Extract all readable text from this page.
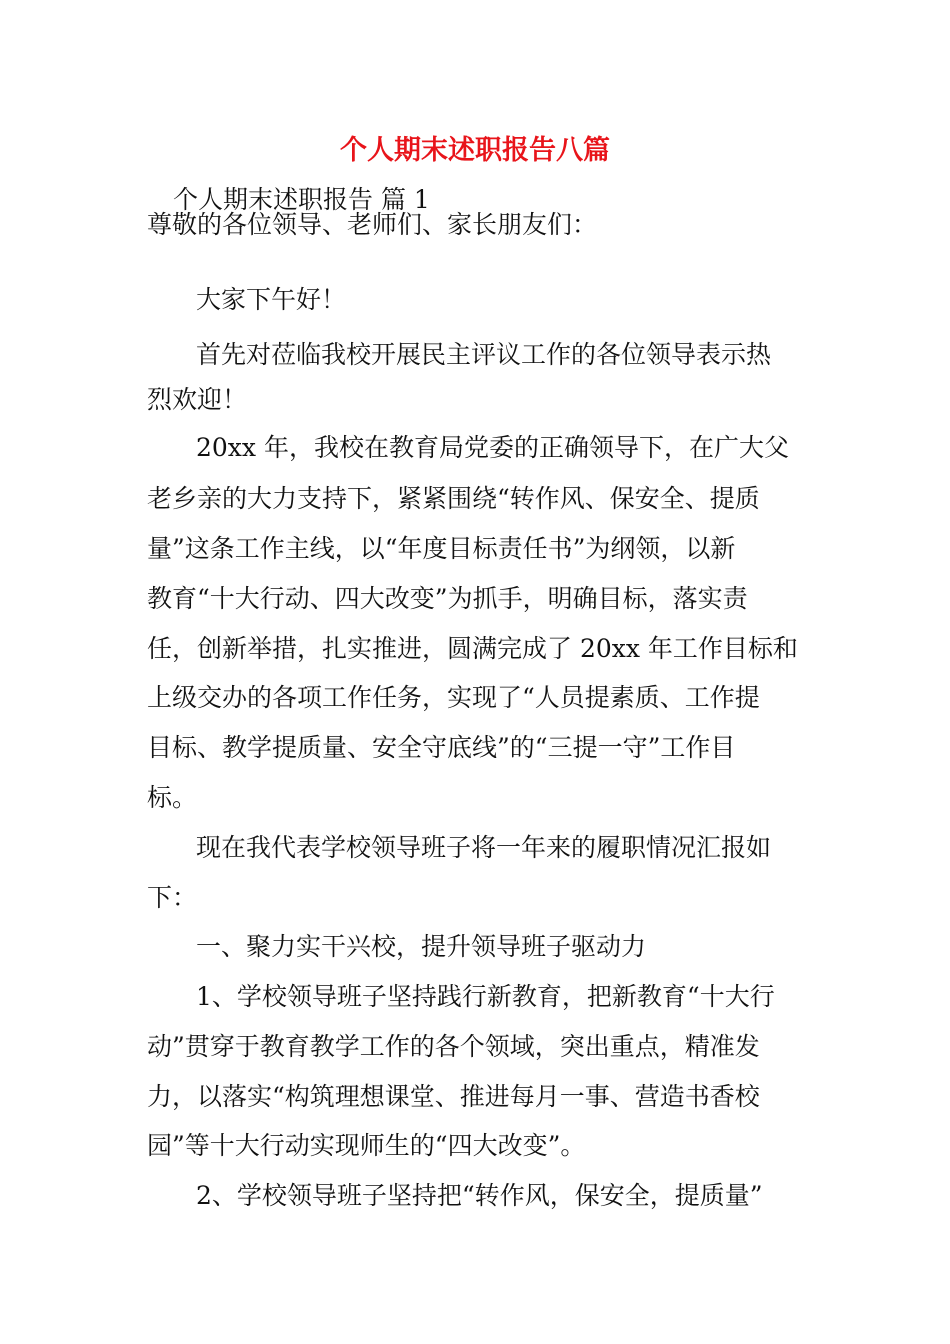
个人期末述职报告八篇
个人期末述职报告 篇 1
尊敬的各位领导、老师们、家长朋友们：
大家下午好！
首先对莅临我校开展民主评议工作的各位领导表示热
烈欢迎！
20xx 年，我校在教育局党委的正确领导下，在广大父
老乡亲的大力支持下，紧紧围绕“转作风、保安全、提质
量”这条工作主线，以“年度目标责任书”为纲领，以新
教育“十大行动、四大改变”为抓手，明确目标，落实责
任，创新举措，扎实推进，圆满完成了 20xx 年工作目标和
上级交办的各项工作任务，实现了“人员提素质、工作提
目标、教学提质量、安全守底线”的“三提一守”工作目
标。
现在我代表学校领导班子将一年来的履职情况汇报如
下：
一、聚力实干兴校，提升领导班子驱动力
1、学校领导班子坚持践行新教育，把新教育“十大行
动”贯穿于教育教学工作的各个领域，突出重点，精准发
力，以落实“构筑理想课堂、推进每月一事、营造书香校
园”等十大行动实现师生的“四大改变”。
2、学校领导班子坚持把“转作风，保安全，提质量”
